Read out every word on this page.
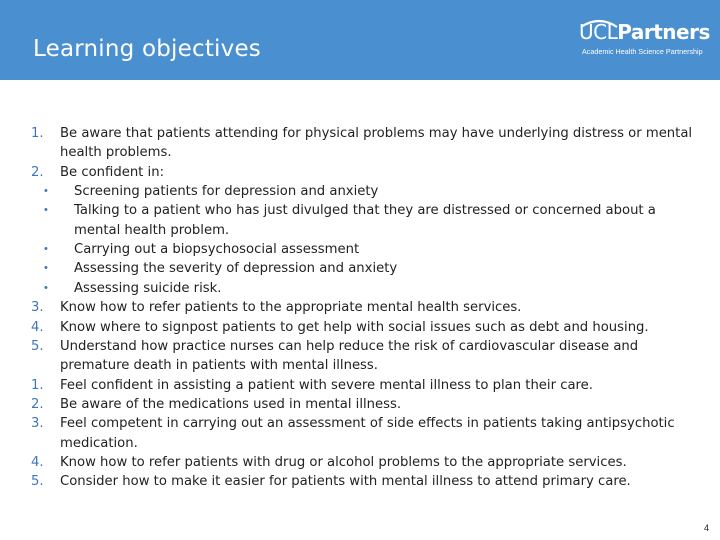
Learning objectives
UCLPartners
Academic Health Science Partnership
1.	Be aware that patients attending for physical problems may have underlying distress or mental
health problems.
2.	Be confident in:
• Screening patients for depression and anxiety
• Talking to a patient who has just divulged that they are distressed or concerned about a
mental health problem.
• Carrying out a biopsychosocial assessment
• Assessing the severity of depression and anxiety
• Assessing suicide risk.
3.	Know how to refer patients to the appropriate mental health services.
4.	Know where to signpost patients to get help with social issues such as debt and housing.
5.	Understand how practice nurses can help reduce the risk of cardiovascular disease and
premature death in patients with mental illness.
1.	Feel confident in assisting a patient with severe mental illness to plan their care.
2.	Be aware of the medications used in mental illness.
3.	Feel competent in carrying out an assessment of side effects in patients taking antipsychotic
medication.
4.	Know how to refer patients with drug or alcohol problems to the appropriate services.
5.	Consider how to make it easier for patients with mental illness to attend primary care.
4
